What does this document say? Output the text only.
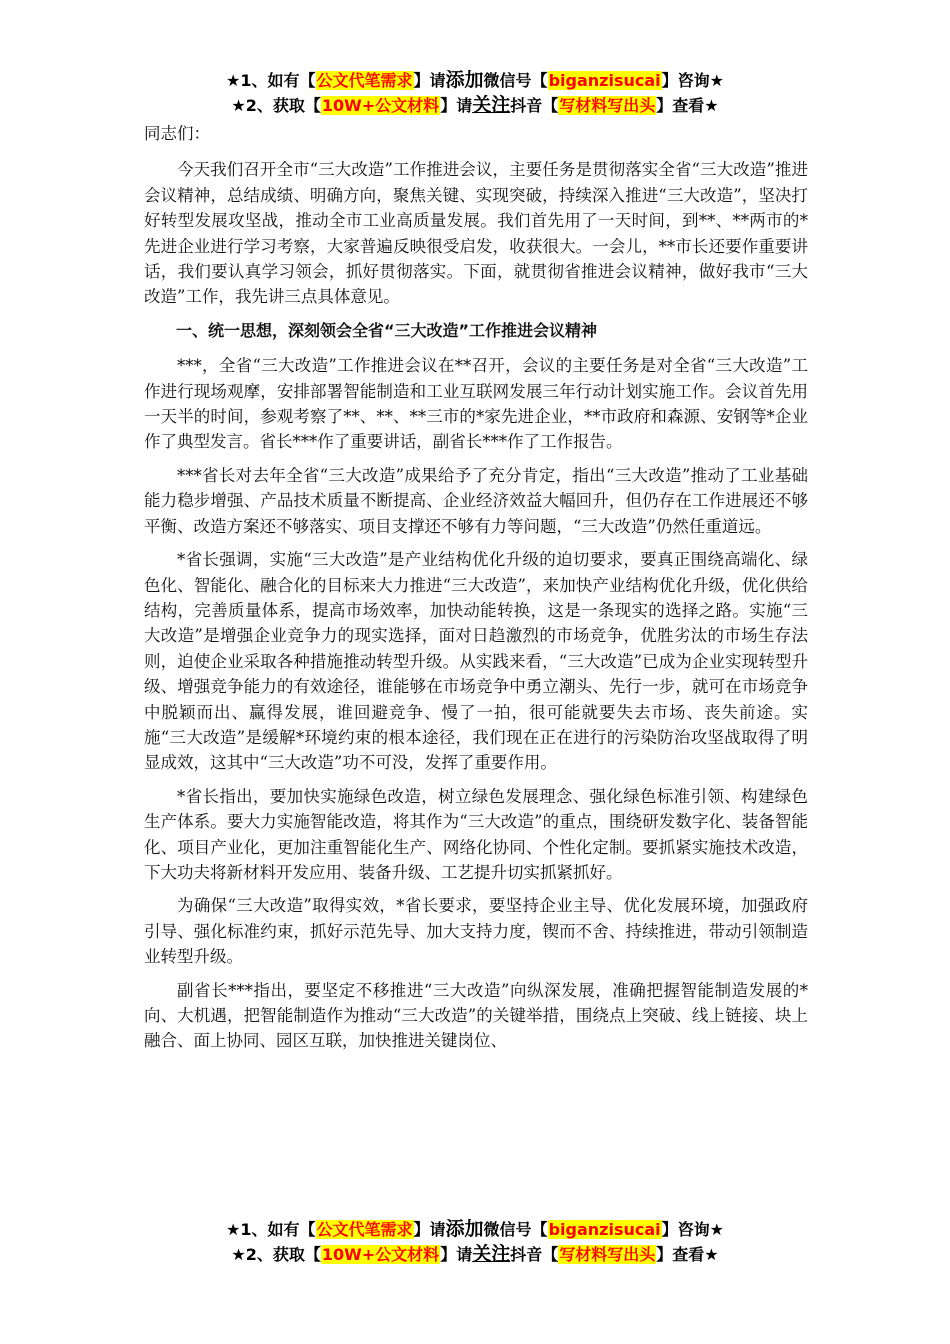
★1、如有【公文代笔需求】请添加微信号【biganzisucai】咨询★
★2、获取【10W+公文材料】请关注抖音【写材料写出头】查看★

同志们：

今天我们召开全市“三大改造”工作推进会议，主要任务是贯彻落实全省“三大改造”推进会议精神，总结成绩、明确方向，聚焦关键、实现突破，持续深入推进“三大改造”，坚决打好转型发展攻坚战，推动全市工业高质量发展。我们首先用了一天时间，到**、**两市的*先进企业进行学习考察，大家普遍反映很受启发，收获很大。一会儿，**市长还要作重要讲话，我们要认真学习领会，抓好贯彻落实。下面，就贯彻省推进会议精神，做好我市“三大改造”工作，我先讲三点具体意见。

一、统一思想，深刻领会全省“三大改造”工作推进会议精神

***，全省“三大改造”工作推进会议在**召开，会议的主要任务是对全省“三大改造”工作进行现场观摩，安排部署智能制造和工业互联网发展三年行动计划实施工作。会议首先用一天半的时间，参观考察了**、**、**三市的*家先进企业，**市政府和森源、安钢等*企业作了典型发言。省长***作了重要讲话，副省长***作了工作报告。

***省长对去年全省“三大改造”成果给予了充分肯定，指出“三大改造”推动了工业基础能力稳步增强、产品技术质量不断提高、企业经济效益大幅回升，但仍存在工作进展还不够平衡、改造方案还不够落实、项目支撑还不够有力等问题，“三大改造”仍然任重道远。

*省长强调，实施“三大改造”是产业结构优化升级的迫切要求，要真正围绕高端化、绿色化、智能化、融合化的目标来大力推进“三大改造”，来加快产业结构优化升级，优化供给结构，完善质量体系，提高市场效率，加快动能转换，这是一条现实的选择之路。实施“三大改造”是增强企业竞争力的现实选择，面对日趋激烈的市场竞争，优胜劣汰的市场生存法则，迫使企业采取各种措施推动转型升级。从实践来看，“三大改造”已成为企业实现转型升级、增强竞争能力的有效途径，谁能够在市场竞争中勇立潮头、先行一步，就可在市场竞争中脱颖而出、赢得发展，谁回避竞争、慢了一拍，很可能就要失去市场、丧失前途。实施“三大改造”是缓解*环境约束的根本途径，我们现在正在进行的污染防治攻坚战取得了明显成效，这其中“三大改造”功不可没，发挥了重要作用。

*省长指出，要加快实施绿色改造，树立绿色发展理念、强化绿色标准引领、构建绿色生产体系。要大力实施智能改造，将其作为“三大改造”的重点，围绕研发数字化、装备智能化、项目产业化，更加注重智能化生产、网络化协同、个性化定制。要抓紧实施技术改造，下大功夫将新材料开发应用、装备升级、工艺提升切实抓紧抓好。

为确保“三大改造”取得实效，*省长要求，要坚持企业主导、优化发展环境，加强政府引导、强化标准约束，抓好示范先导、加大支持力度，锲而不舍、持续推进，带动引领制造业转型升级。

副省长***指出，要坚定不移推进“三大改造”向纵深发展，准确把握智能制造发展的*向、大机遇，把智能制造作为推动“三大改造”的关键举措，围绕点上突破、线上链接、块上融合、面上协同、园区互联，加快推进关键岗位、

★1、如有【公文代笔需求】请添加微信号【biganzisucai】咨询★
★2、获取【10W+公文材料】请关注抖音【写材料写出头】查看★
